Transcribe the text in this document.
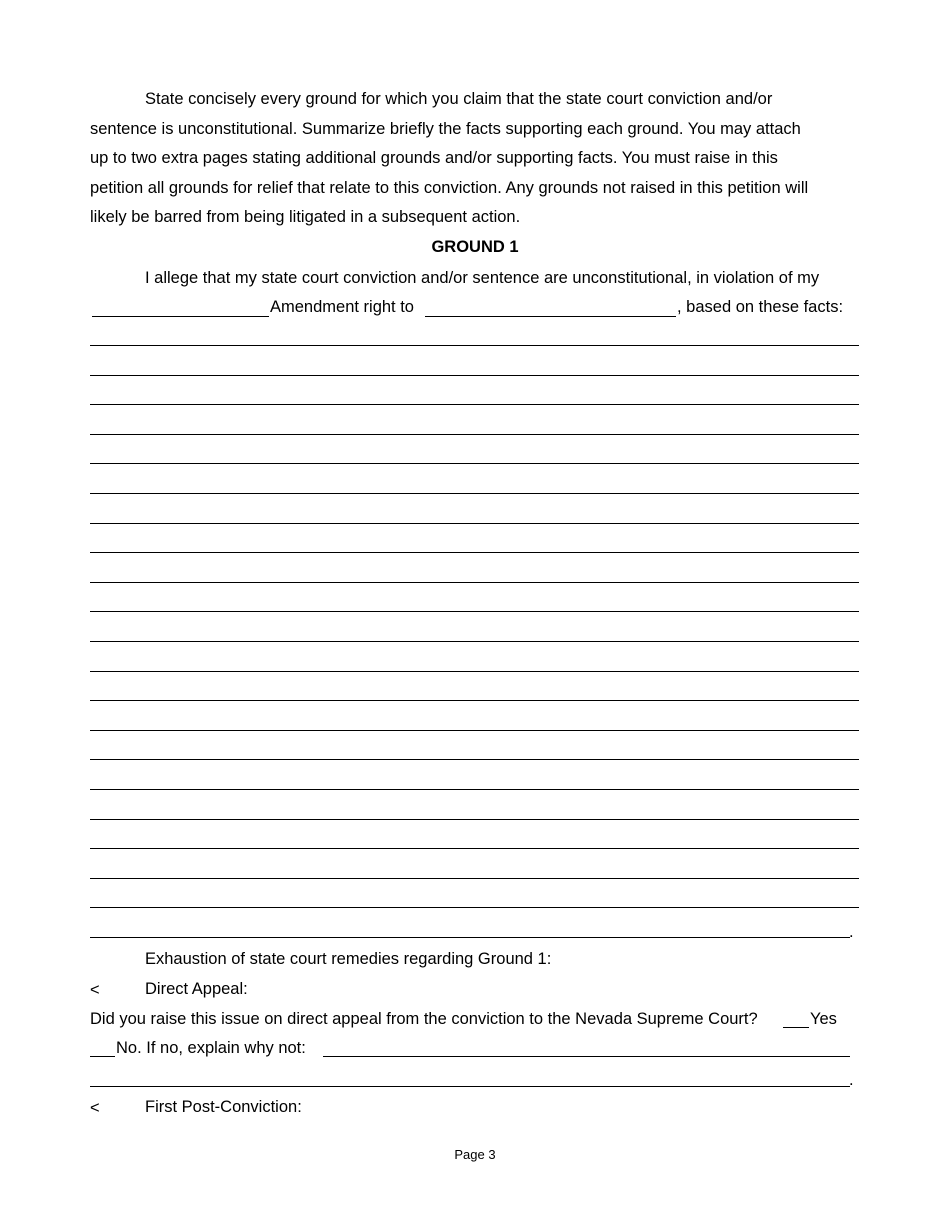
State concisely every ground for which you claim that the state court conviction and/or
sentence is unconstitutional. Summarize briefly the facts supporting each ground. You may attach
up to two extra pages stating additional grounds and/or supporting facts. You must raise in this
petition all grounds for relief that relate to this conviction. Any grounds not raised in this petition will
likely be barred from being litigated in a subsequent action.
GROUND 1
I allege that my state court conviction and/or sentence are unconstitutional, in violation of my
Amendment right to	, based on these facts:
.
Exhaustion of state court remedies regarding Ground 1:
<	Direct Appeal:
Did you raise this issue on direct appeal from the conviction to the Nevada Supreme Court?	Yes
No. If no, explain why not:
.
<	First Post-Conviction:
Page 3
